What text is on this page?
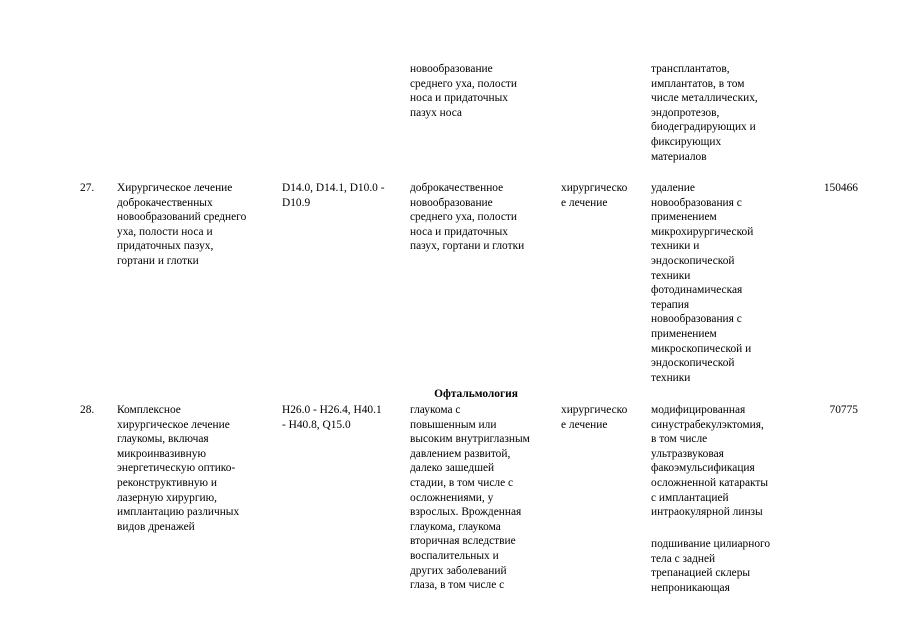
новообразование
среднего уха, полости
носа и придаточных
пазух носа
трансплантатов,
имплантатов, в том
числе металлических,
эндопротезов,
биодеградирующих и
фиксирующих
материалов
27.	Хирургическое лечение
доброкачественных
новообразований среднего
уха, полости носа и
придаточных пазух,
гортани и глотки
D14.0, D14.1, D10.0 -
D10.9
доброкачественное
новообразование
среднего уха, полости
носа и придаточных
пазух, гортани и глотки
хирургическо
е лечение
удаление
новообразования с
применением
микрохирургической
техники и
эндоскопической
техники
фотодинамическая
терапия
новообразования с
применением
микроскопической и
эндоскопической
техники
150466
Офтальмология
28.	Комплексное
хирургическое лечение
глаукомы, включая
микроинвазивную
энергетическую оптико-
реконструктивную и
лазерную хирургию,
имплантацию различных
видов дренажей
H26.0 - H26.4, H40.1
- H40.8, Q15.0
глаукома с
повышенным или
высоким внутриглазным
давлением развитой,
далеко зашедшей
стадии, в том числе с
осложнениями, у
взрослых. Врожденная
глаукома, глаукома
вторичная вследствие
воспалительных и
других заболеваний
глаза, в том числе с
хирургическо
е лечение
модифицированная
синустрабекулэктомия,
в том числе
ультразвуковая
факоэмульсификация
осложненной катаракты
с имплантацией
интраокулярной линзы
подшивание цилиарного
тела с задней
трепанацией склеры
непроникающая
70775
